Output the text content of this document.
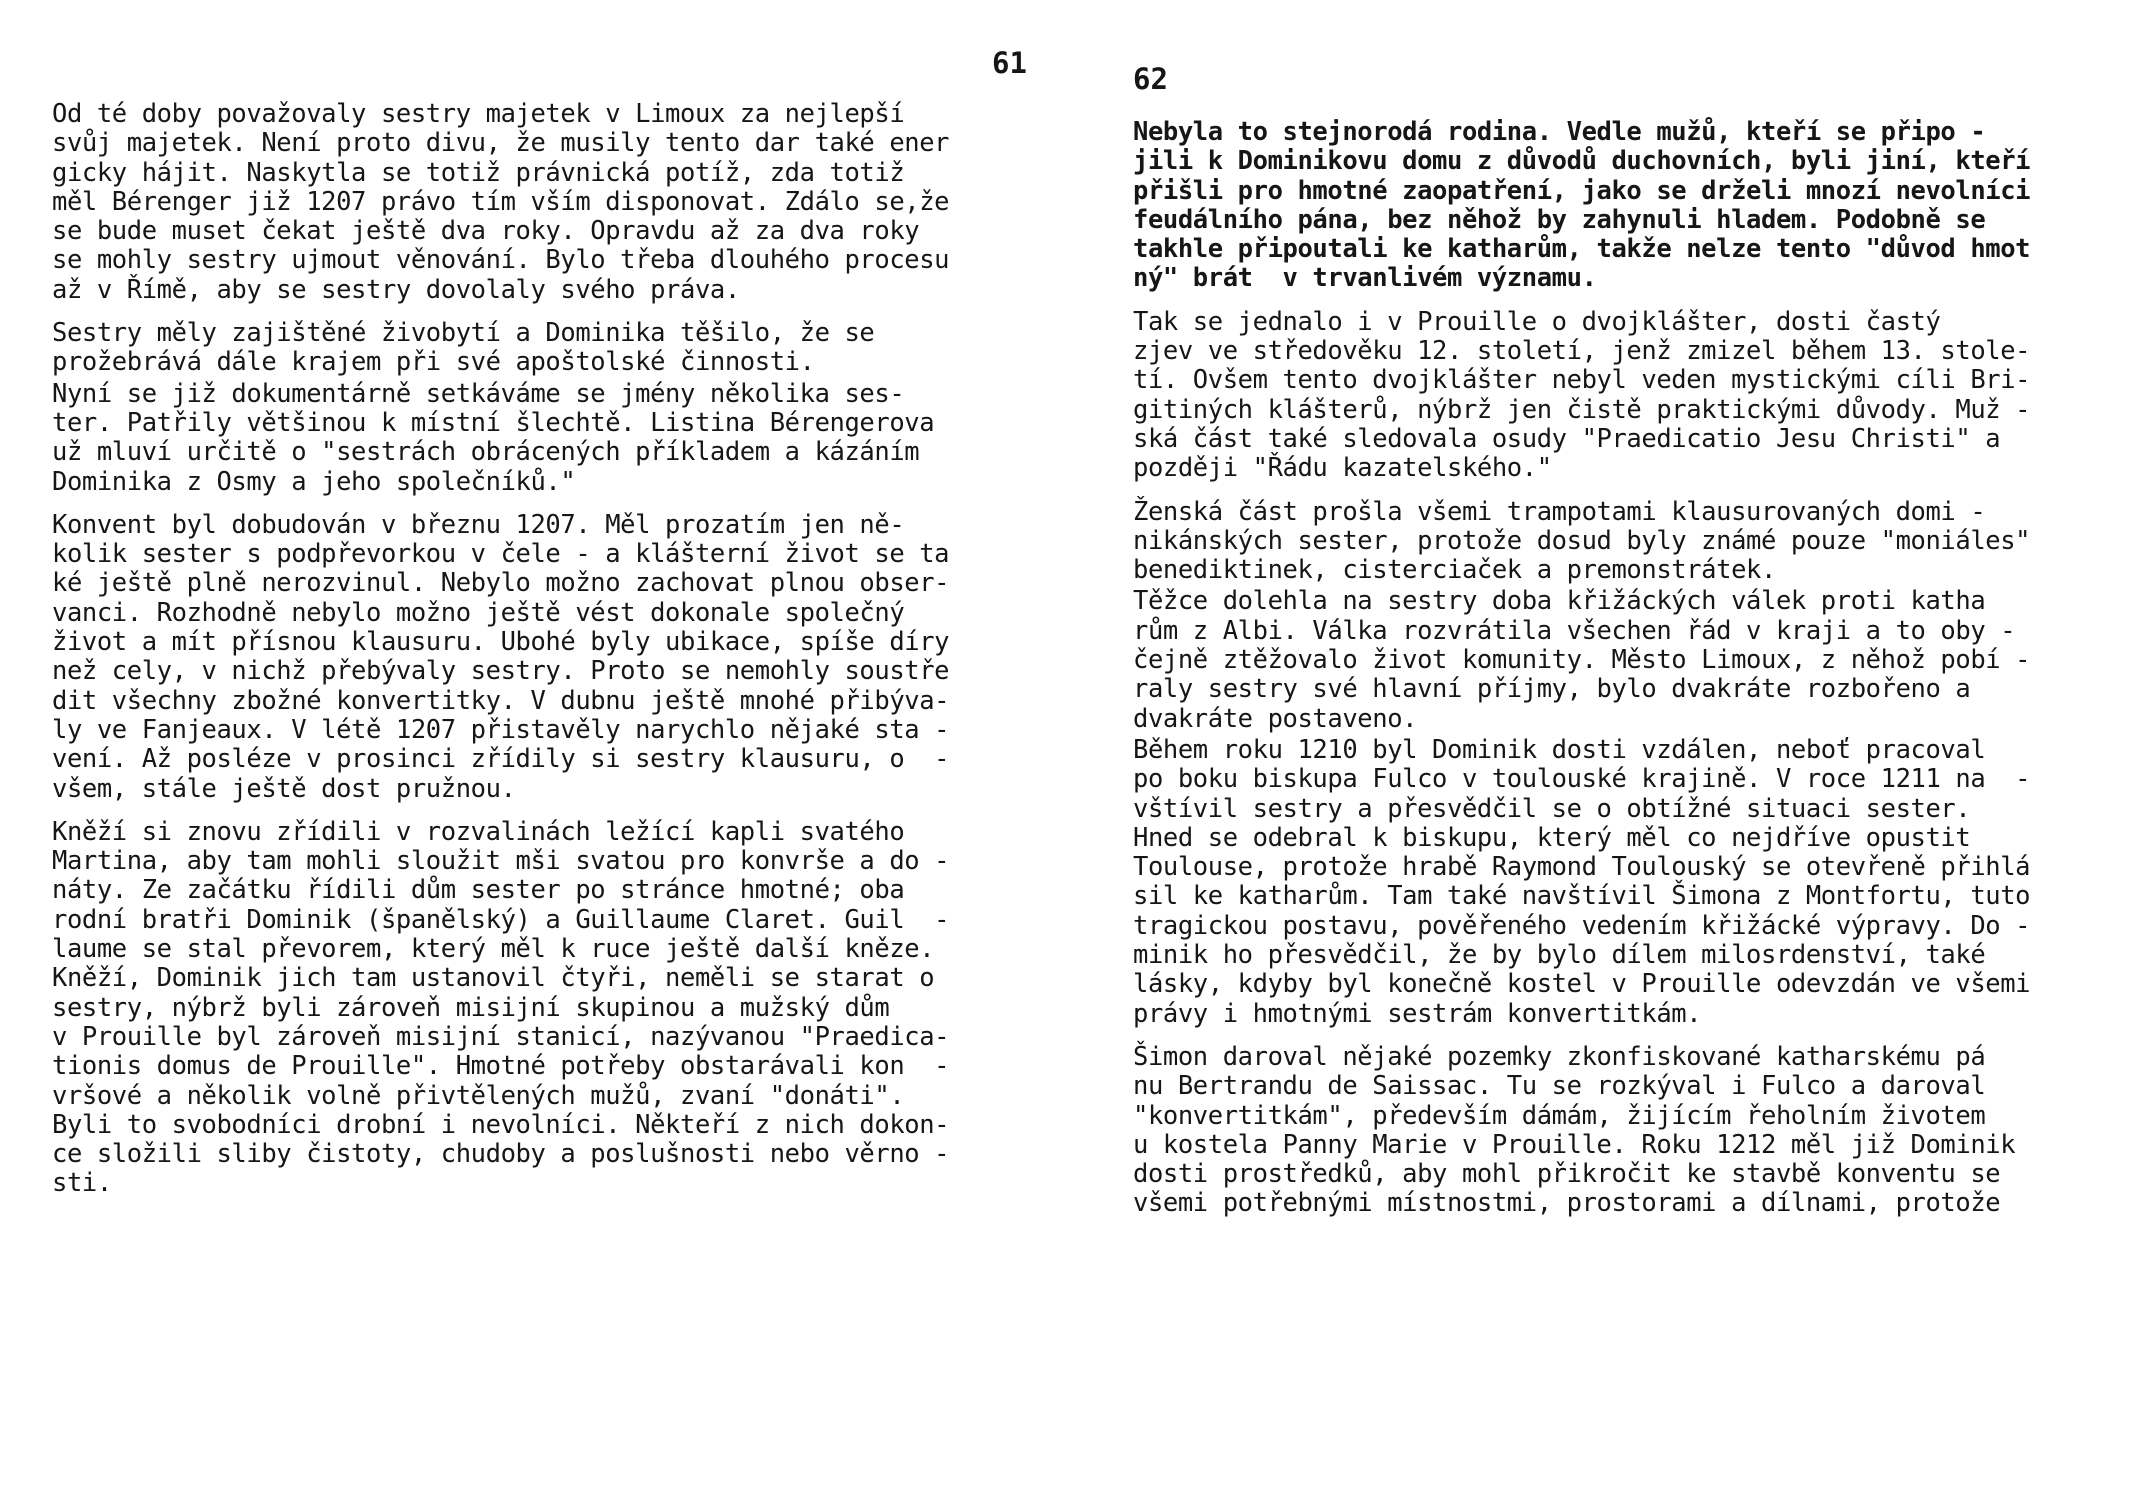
61
Od té doby považovaly sestry majetek v Limoux za nejlepší
svůj majetek. Není proto divu, že musily tento dar také ener
gicky hájit. Naskytla se totiž právnická potíž, zda totiž
měl Bérenger již 1207 právo tím vším disponovat. Zdálo se,že
se bude muset čekat ještě dva roky. Opravdu až za dva roky
se mohly sestry ujmout věnování. Bylo třeba dlouhého procesu
až v Římě, aby se sestry dovolaly svého práva.
Sestry měly zajištěné živobytí a Dominika těšilo, že se
prožebrává dále krajem při své apoštolské činnosti.
Nyní se již dokumentárně setkáváme se jmény několika ses-
ter. Patřily většinou k místní šlechtě. Listina Bérengerova
už mluví určitě o "sestrách obrácených příkladem a kázáním
Dominika z Osmy a jeho společníků."
Konvent byl dobudován v březnu 1207. Měl prozatím jen ně-
kolik sester s podpřevorkou v čele - a klášterní život se ta
ké ještě plně nerozvinul. Nebylo možno zachovat plnou obser-
vanci. Rozhodně nebylo možno ještě vést dokonale společný
život a mít přísnou klausuru. Ubohé byly ubikace, spíše díry
než cely, v nichž přebývaly sestry. Proto se nemohly soustře
dit všechny zbožné konvertitky. V dubnu ještě mnohé přibýva-
ly ve Fanjeaux. V létě 1207 přistavěly narychlo nějaké sta -
vení. Až posléze v prosinci zřídily si sestry klausuru, o  -
všem, stále ještě dost pružnou.
Kněží si znovu zřídili v rozvalinách ležící kapli svatého
Martina, aby tam mohli sloužit mši svatou pro konvrše a do -
náty. Ze začátku řídili dům sester po stránce hmotné; oba
rodní bratři Dominik (španělský) a Guillaume Claret. Guil  -
laume se stal převorem, který měl k ruce ještě další kněze.
Kněží, Dominik jich tam ustanovil čtyři, neměli se starat o
sestry, nýbrž byli zároveň misijní skupinou a mužský dům
v Prouille byl zároveň misijní stanicí, nazývanou "Praedica-
tionis domus de Prouille". Hmotné potřeby obstarávali kon  -
vršové a několik volně přivtělených mužů, zvaní "donáti".
Byli to svobodníci drobní i nevolníci. Někteří z nich dokon-
ce složili sliby čistoty, chudoby a poslušnosti nebo věrno -
sti.
62
Nebyla to stejnorodá rodina. Vedle mužů, kteří se připo -
jili k Dominikovu domu z důvodů duchovních, byli jiní, kteří
přišli pro hmotné zaopatření, jako se drželi mnozí nevolníci
feudálního pána, bez něhož by zahynuli hladem. Podobně se
takhle připoutali ke katharům, takže nelze tento "důvod hmot
ný" brát  v trvanlivém významu.
Tak se jednalo i v Prouille o dvojklášter, dosti častý
zjev ve středověku 12. století, jenž zmizel během 13. stole-
tí. Ovšem tento dvojklášter nebyl veden mystickými cíli Bri-
gitiných klášterů, nýbrž jen čistě praktickými důvody. Muž -
ská část také sledovala osudy "Praedicatio Jesu Christi" a
později "Řádu kazatelského."
Ženská část prošla všemi trampotami klausurovaných domi -
nikánských sester, protože dosud byly známé pouze "moniáles"
benediktinek, cisterciaček a premonstrátek.
Těžce dolehla na sestry doba křižáckých válek proti katha
rům z Albi. Válka rozvrátila všechen řád v kraji a to oby -
čejně ztěžovalo život komunity. Město Limoux, z něhož pobí -
raly sestry své hlavní příjmy, bylo dvakráte rozbořeno a
dvakráte postaveno.
Během roku 1210 byl Dominik dosti vzdálen, neboť pracoval
po boku biskupa Fulco v toulouské krajině. V roce 1211 na  -
vštívil sestry a přesvědčil se o obtížné situaci sester.
Hned se odebral k biskupu, který měl co nejdříve opustit
Toulouse, protože hrabě Raymond Toulouský se otevřeně přihlá
sil ke katharům. Tam také navštívil Šimona z Montfortu, tuto
tragickou postavu, pověřeného vedením křižácké výpravy. Do -
minik ho přesvědčil, že by bylo dílem milosrdenství, také
lásky, kdyby byl konečně kostel v Prouille odevzdán ve všemi
právy i hmotnými sestrám konvertitkám.
Šimon daroval nějaké pozemky zkonfiskované katharskému pá
nu Bertrandu de Saissac. Tu se rozkýval i Fulco a daroval
"konvertitkám", především dámám, žijícím řeholním životem
u kostela Panny Marie v Prouille. Roku 1212 měl již Dominik
dosti prostředků, aby mohl přikročit ke stavbě konventu se
všemi potřebnými místnostmi, prostorami a dílnami, protože
